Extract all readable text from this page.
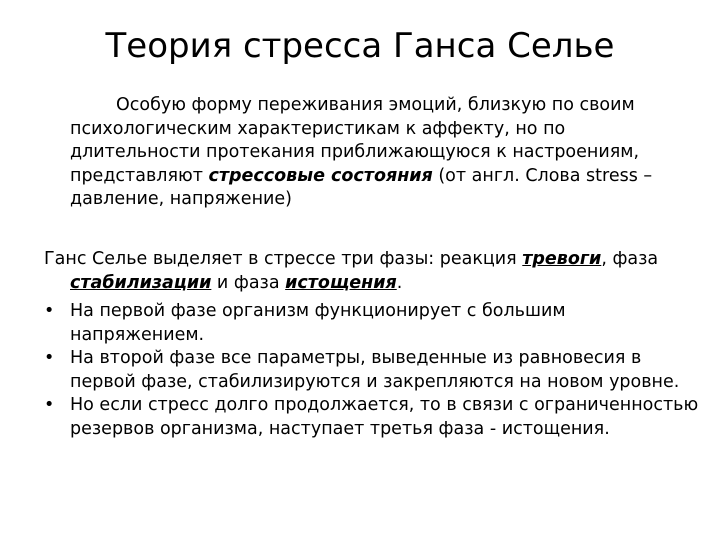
Теория стресса Ганса Селье

Особую форму переживания эмоций, близкую по своим психологическим характеристикам к аффекту, но по длительности протекания приближающуюся к настроениям, представляют стрессовые состояния (от англ. Слова stress – давление, напряжение)

Ганс Селье выделяет в стрессе три фазы: реакция тревоги, фаза стабилизации и фаза истощения.

• На первой фазе организм функционирует с большим напряжением.
• На второй фазе все параметры, выведенные из равновесия в первой фазе, стабилизируются и закрепляются на новом уровне.
• Но если стресс долго продолжается, то в связи с ограниченностью резервов организма, наступает третья фаза - истощения.
